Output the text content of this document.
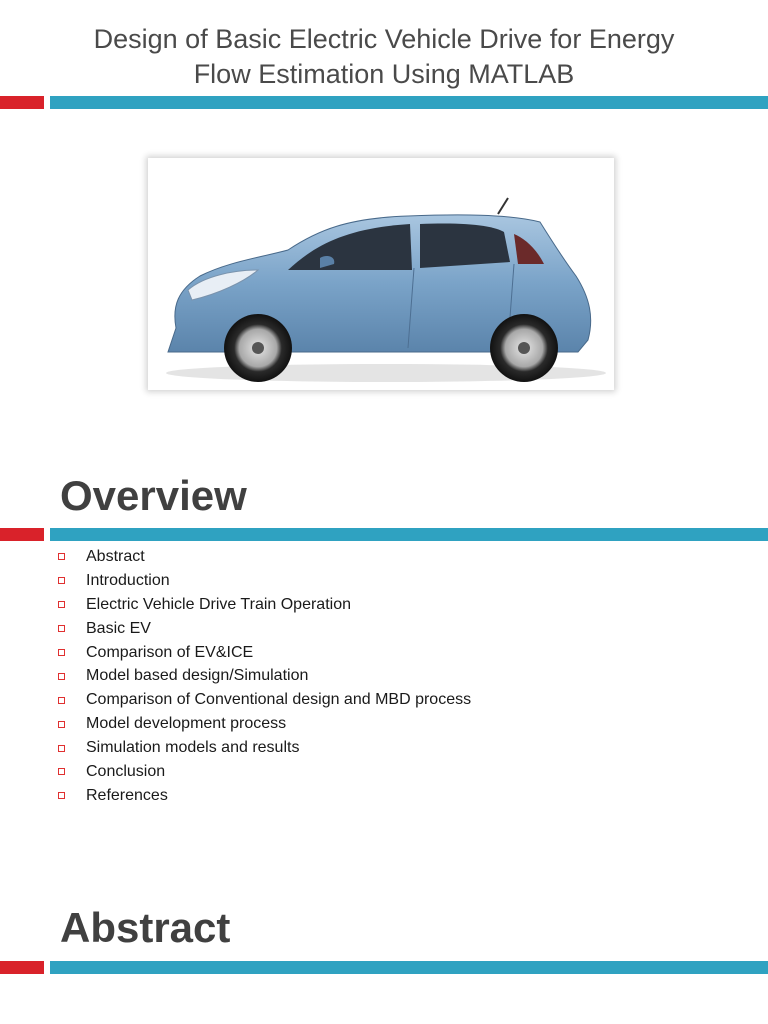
Design of Basic Electric Vehicle Drive for Energy
Flow Estimation Using MATLAB
Overview
Abstract
Introduction
Electric Vehicle Drive Train Operation
Basic EV
Comparison of EV&ICE
Model based design/Simulation
Comparison of Conventional design and MBD process
Model development process
Simulation models and results
Conclusion
References
Abstract
